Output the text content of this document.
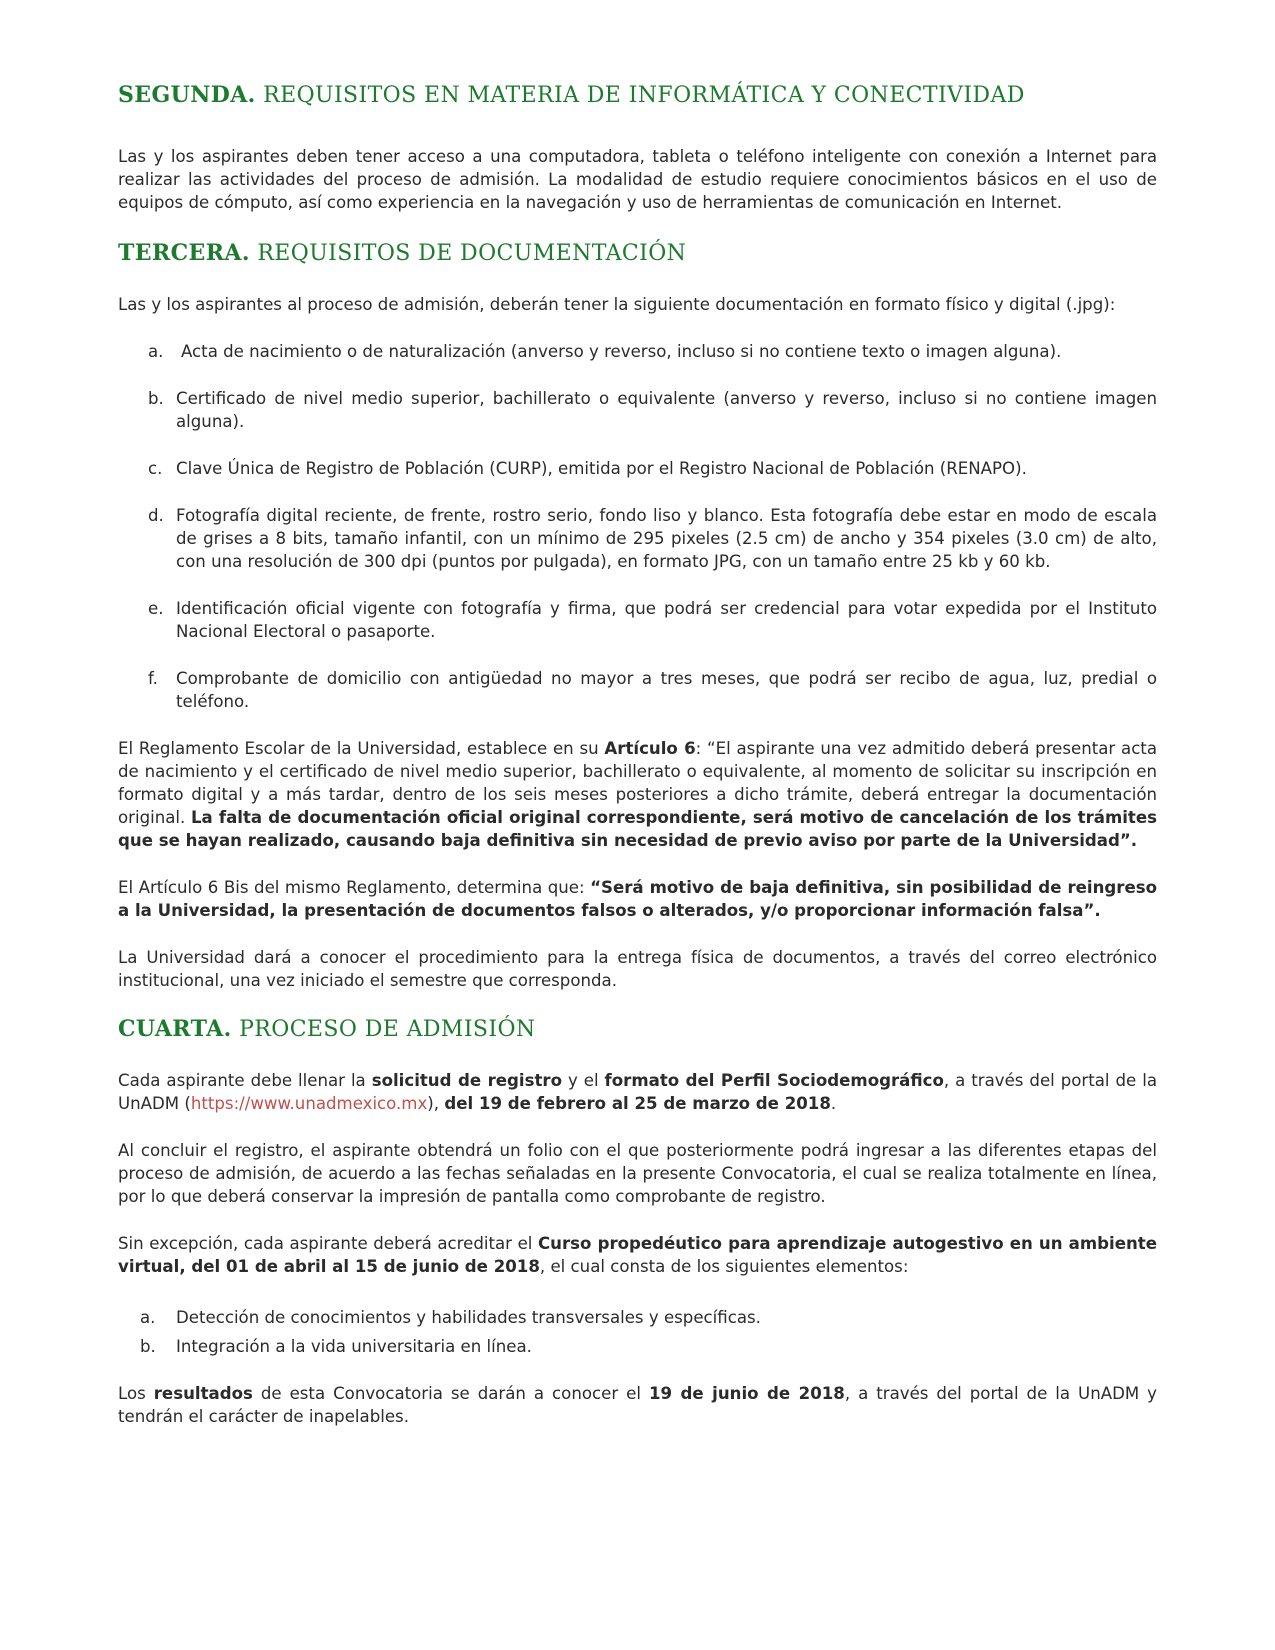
SEGUNDA. REQUISITOS EN MATERIA DE INFORMÁTICA Y CONECTIVIDAD

Las y los aspirantes deben tener acceso a una computadora, tableta o teléfono inteligente con conexión a Internet para realizar las actividades del proceso de admisión. La modalidad de estudio requiere conocimientos básicos en el uso de equipos de cómputo, así como experiencia en la navegación y uso de herramientas de comunicación en Internet.

TERCERA. REQUISITOS DE DOCUMENTACIÓN

Las y los aspirantes al proceso de admisión, deberán tener la siguiente documentación en formato físico y digital (.jpg):

a. Acta de nacimiento o de naturalización (anverso y reverso, incluso si no contiene texto o imagen alguna).
b. Certificado de nivel medio superior, bachillerato o equivalente (anverso y reverso, incluso si no contiene imagen alguna).
c. Clave Única de Registro de Población (CURP), emitida por el Registro Nacional de Población (RENAPO).
d. Fotografía digital reciente, de frente, rostro serio, fondo liso y blanco. Esta fotografía debe estar en modo de escala de grises a 8 bits, tamaño infantil, con un mínimo de 295 pixeles (2.5 cm) de ancho y 354 pixeles (3.0 cm) de alto, con una resolución de 300 dpi (puntos por pulgada), en formato JPG, con un tamaño entre 25 kb y 60 kb.
e. Identificación oficial vigente con fotografía y firma, que podrá ser credencial para votar expedida por el Instituto Nacional Electoral o pasaporte.
f. Comprobante de domicilio con antigüedad no mayor a tres meses, que podrá ser recibo de agua, luz, predial o teléfono.

El Reglamento Escolar de la Universidad, establece en su Artículo 6: “El aspirante una vez admitido deberá presentar acta de nacimiento y el certificado de nivel medio superior, bachillerato o equivalente, al momento de solicitar su inscripción en formato digital y a más tardar, dentro de los seis meses posteriores a dicho trámite, deberá entregar la documentación original. La falta de documentación oficial original correspondiente, será motivo de cancelación de los trámites que se hayan realizado, causando baja definitiva sin necesidad de previo aviso por parte de la Universidad”.

El Artículo 6 Bis del mismo Reglamento, determina que: “Será motivo de baja definitiva, sin posibilidad de reingreso a la Universidad, la presentación de documentos falsos o alterados, y/o proporcionar información falsa”.

La Universidad dará a conocer el procedimiento para la entrega física de documentos, a través del correo electrónico institucional, una vez iniciado el semestre que corresponda.

CUARTA. PROCESO DE ADMISIÓN

Cada aspirante debe llenar la solicitud de registro y el formato del Perfil Sociodemográfico, a través del portal de la UnADM (https://www.unadmexico.mx), del 19 de febrero al 25 de marzo de 2018.

Al concluir el registro, el aspirante obtendrá un folio con el que posteriormente podrá ingresar a las diferentes etapas del proceso de admisión, de acuerdo a las fechas señaladas en la presente Convocatoria, el cual se realiza totalmente en línea, por lo que deberá conservar la impresión de pantalla como comprobante de registro.

Sin excepción, cada aspirante deberá acreditar el Curso propedéutico para aprendizaje autogestivo en un ambiente virtual, del 01 de abril al 15 de junio de 2018, el cual consta de los siguientes elementos:

a. Detección de conocimientos y habilidades transversales y específicas.
b. Integración a la vida universitaria en línea.

Los resultados de esta Convocatoria se darán a conocer el 19 de junio de 2018, a través del portal de la UnADM y tendrán el carácter de inapelables.
